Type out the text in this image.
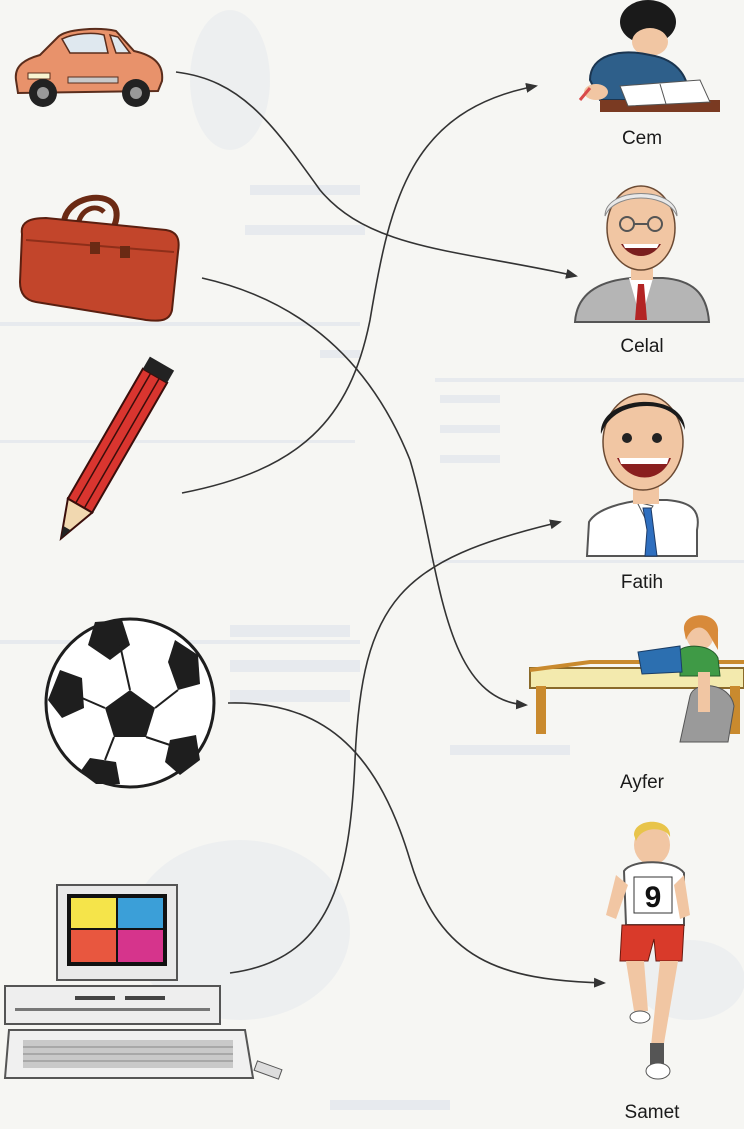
9
Cem
Celal
Fatih
Ayfer
Samet
